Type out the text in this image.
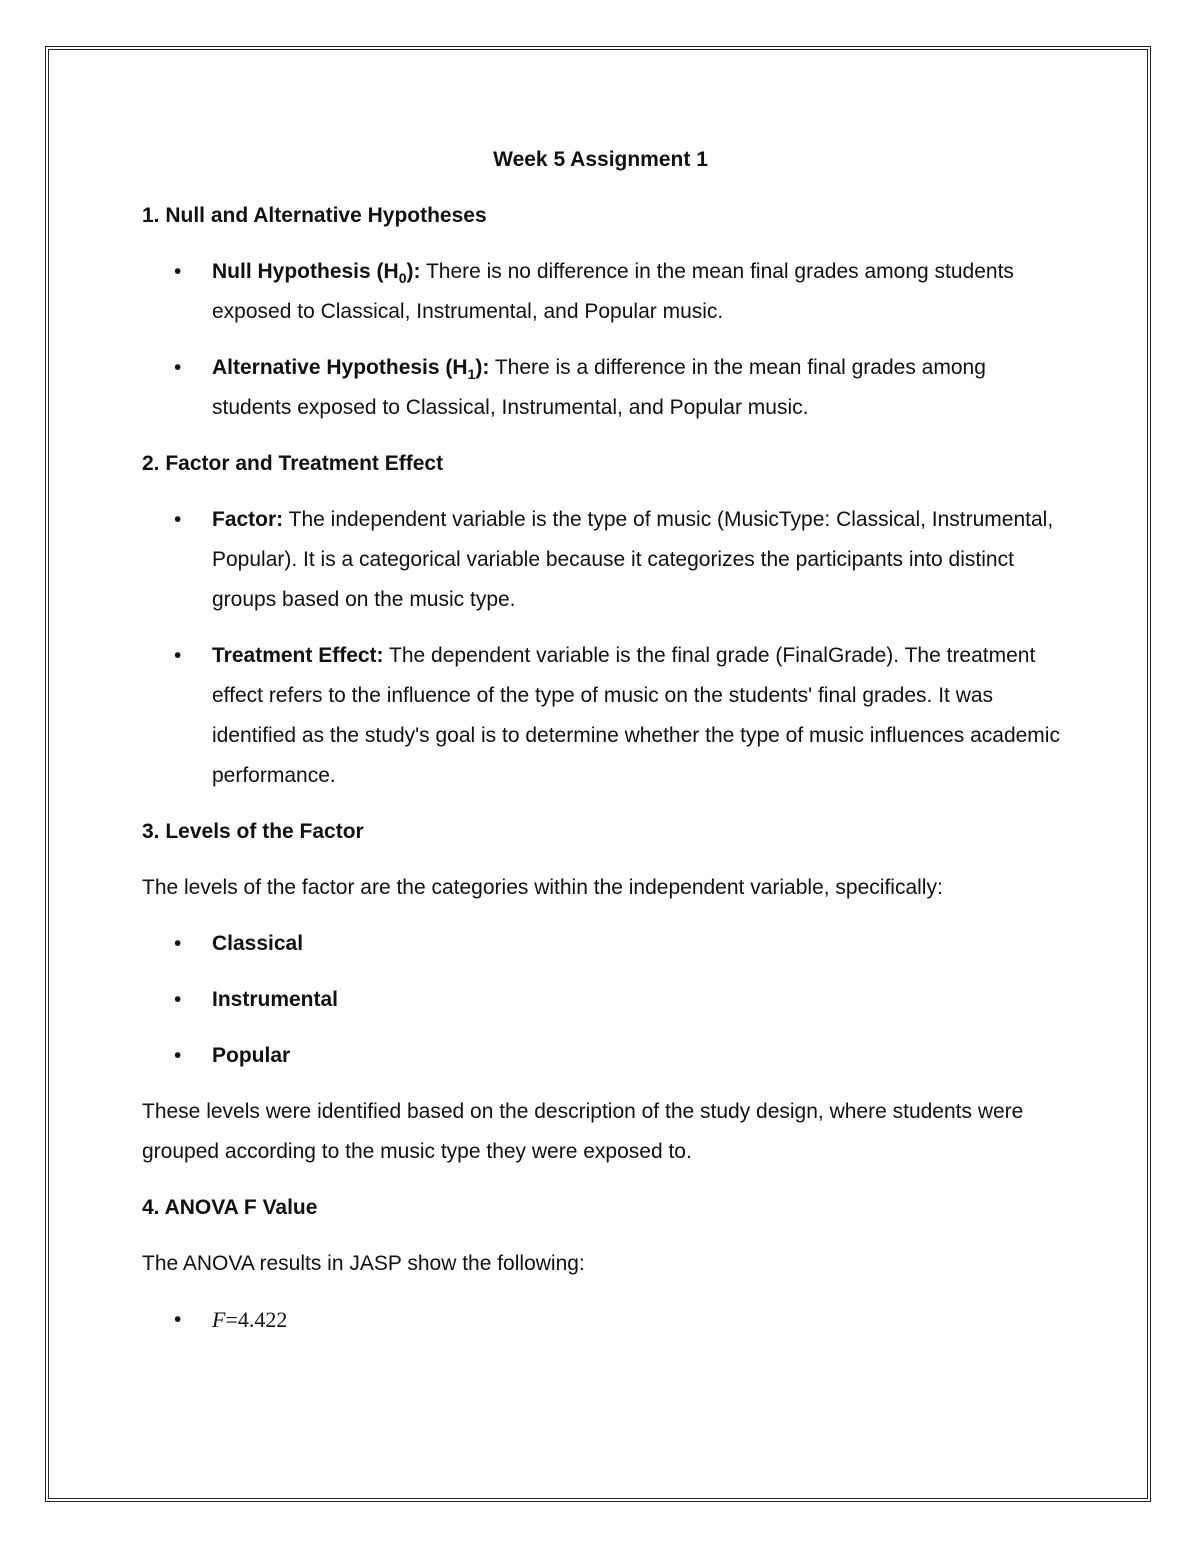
Week 5 Assignment 1
1. Null and Alternative Hypotheses
• Null Hypothesis $(H_0)$: There is no difference in the mean final grades among students exposed to Classical, Instrumental, and Popular music.
• Alternative Hypothesis $(H_1)$: There is a difference in the mean final grades among students exposed to Classical, Instrumental, and Popular music.
2. Factor and Treatment Effect
• Factor: The independent variable is the type of music (MusicType: Classical, Instrumental, Popular). It is a categorical variable because it categorizes the participants into distinct groups based on the music type.
• Treatment Effect: The dependent variable is the final grade (FinalGrade). The treatment effect refers to the influence of the type of music on the students' final grades. It was identified as the study's goal is to determine whether the type of music influences academic performance.
3. Levels of the Factor

The levels of the factor are the categories within the independent variable, specifically:

• Classical
• Instrumental
• Popular

These levels were identified based on the description of the study design, where students were grouped according to the music type they were exposed to.

4. ANOVA F Value

The ANOVA results in JASP show the following:

• F=4.422
